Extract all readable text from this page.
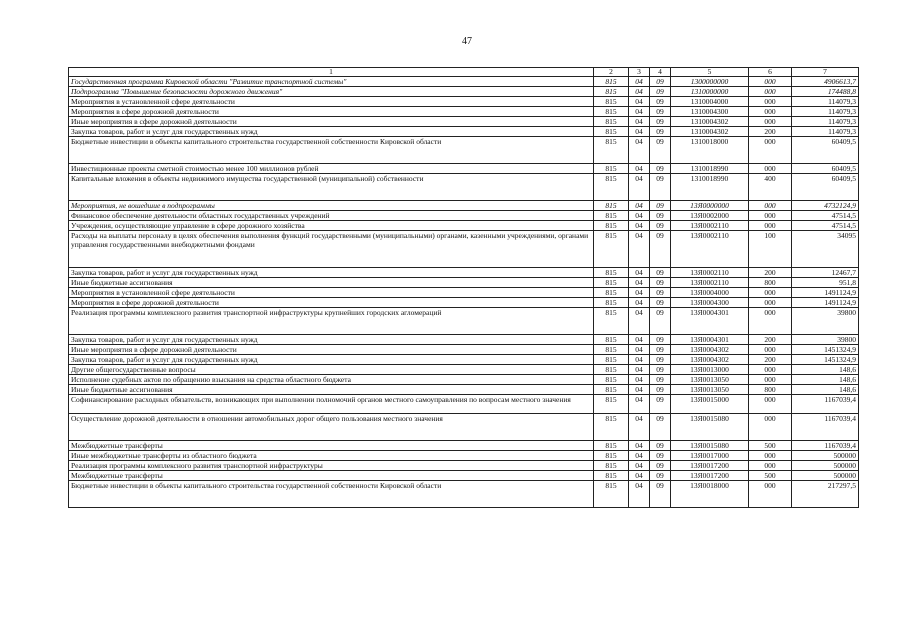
47
1	2	3	4	5	6	7
Государственная программа Кировской области "Развитие транспортной системы"	815	04	09	1300000000	000	4906613,7
Подпрограмма "Повышение безопасности дорожного движения"	815	04	09	1310000000	000	174488,8
Мероприятия в установленной сфере деятельности	815	04	09	1310004000	000	114079,3
Мероприятия в сфере дорожной деятельности	815	04	09	1310004300	000	114079,3
Иные мероприятия в сфере дорожной деятельности	815	04	09	1310004302	000	114079,3
Закупка товаров, работ и услуг для государственных нужд	815	04	09	1310004302	200	114079,3
Бюджетные инвестиции в объекты капитального строительства государственной собственности Кировской области	815	04	09	1310018000	000	60409,5
Инвестиционные проекты сметной стоимостью менее 100 миллионов рублей	815	04	09	1310018990	000	60409,5
Капитальные вложения в объекты недвижимого имущества государственной (муниципальной) собственности	815	04	09	1310018990	400	60409,5
Мероприятия, не вошедшие в подпрограммы	815	04	09	13Я0000000	000	4732124,9
Финансовое обеспечение деятельности областных государственных учреждений	815	04	09	13Я0002000	000	47514,5
Учреждения, осуществляющие управление в сфере дорожного хозяйства	815	04	09	13Я0002110	000	47514,5
Расходы на выплаты персоналу в целях обеспечения выполнения функций государственными (муниципальными) органами, казенными учреждениями, органами управления государственными внебюджетными фондами	815	04	09	13Я0002110	100	34095
Закупка товаров, работ и услуг для государственных нужд	815	04	09	13Я0002110	200	12467,7
Иные бюджетные ассигнования	815	04	09	13Я0002110	800	951,8
Мероприятия в установленной сфере деятельности	815	04	09	13Я0004000	000	1491124,9
Мероприятия в сфере дорожной деятельности	815	04	09	13Я0004300	000	1491124,9
Реализация программы комплексного развития транспортной инфраструктуры крупнейших городских агломераций	815	04	09	13Я0004301	000	39800
Закупка товаров, работ и услуг для государственных нужд	815	04	09	13Я0004301	200	39800
Иные мероприятия в сфере дорожной деятельности	815	04	09	13Я0004302	000	1451324,9
Закупка товаров, работ и услуг для государственных нужд	815	04	09	13Я0004302	200	1451324,9
Другие общегосударственные вопросы	815	04	09	13Я0013000	000	148,6
Исполнение судебных актов по обращению взыскания на средства областного бюджета	815	04	09	13Я0013050	000	148,6
Иные бюджетные ассигнования	815	04	09	13Я0013050	800	148,6
Софинансирование расходных обязательств, возникающих при выполнении полномочий органов местного самоуправления по вопросам местного значения	815	04	09	13Я0015000	000	1167039,4
Осуществление дорожной деятельности в отношении автомобильных дорог общего пользования местного значения	815	04	09	13Я0015080	000	1167039,4
Межбюджетные трансферты	815	04	09	13Я0015080	500	1167039,4
Иные межбюджетные трансферты из областного бюджета	815	04	09	13Я0017000	000	500000
Реализация программы комплексного развития транспортной инфраструктуры	815	04	09	13Я0017200	000	500000
Межбюджетные трансферты	815	04	09	13Я0017200	500	500000
Бюджетные инвестиции в объекты капитального строительства государственной собственности Кировской области	815	04	09	13Я0018000	000	217297,5
